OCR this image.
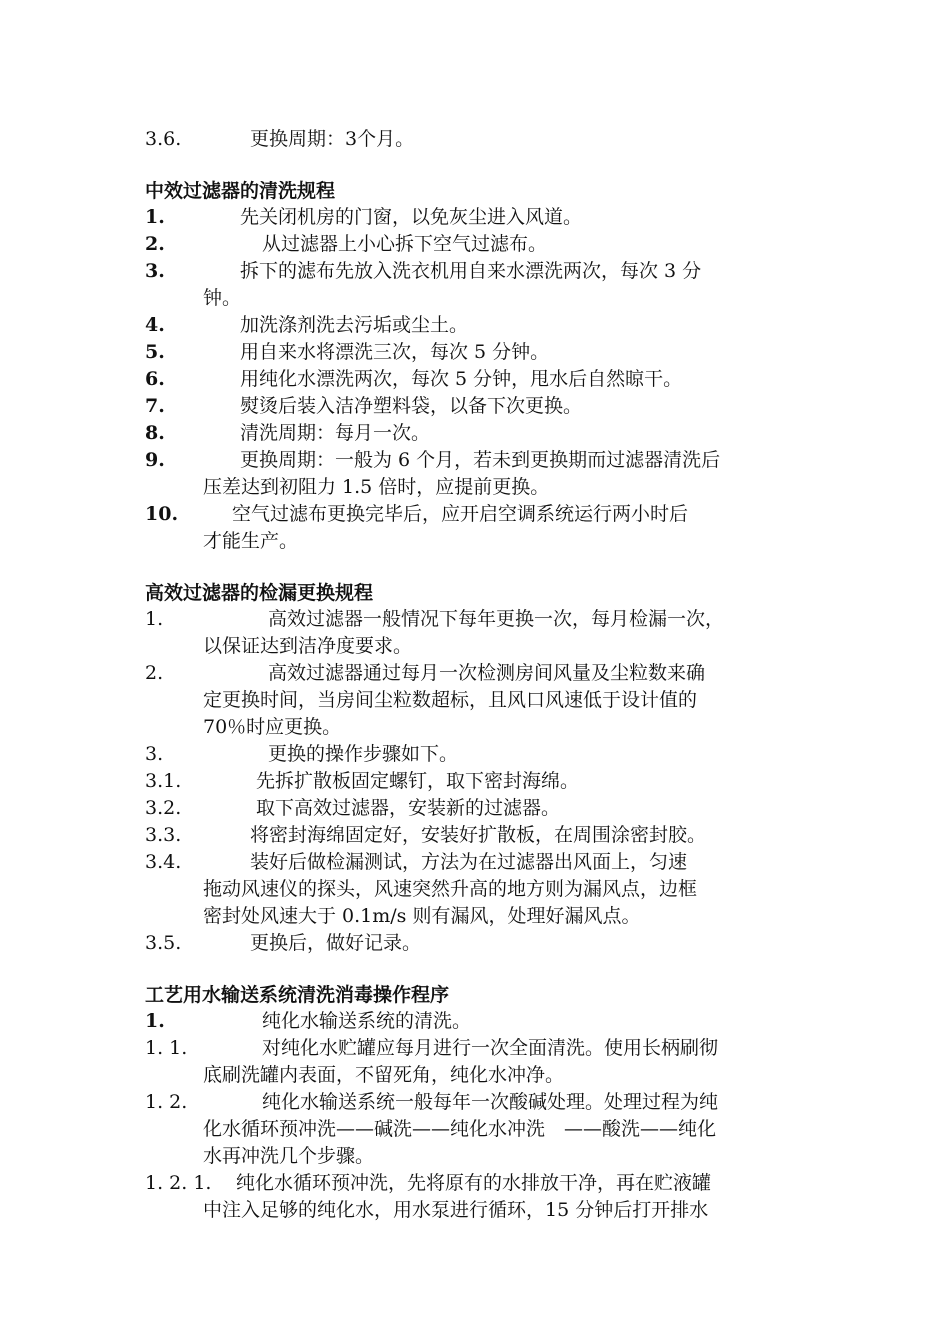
3.6.	更换周期：3个月。
中效过滤器的清洗规程
1.	先关闭机房的门窗，以免灰尘进入风道。
2.	从过滤器上小心拆下空气过滤布。
3.	拆下的滤布先放入洗衣机用自来水漂洗两次，每次 3 分
钟。
4.	加洗涤剂洗去污垢或尘土。
5.	用自来水将漂洗三次，每次 5 分钟。
6.	用纯化水漂洗两次，每次 5 分钟，甩水后自然晾干。
7.	熨烫后装入洁净塑料袋，以备下次更换。
8.	清洗周期：每月一次。
9.	更换周期：一般为 6 个月，若未到更换期而过滤器清洗后
压差达到初阻力 1.5 倍时，应提前更换。
10.	空气过滤布更换完毕后，应开启空调系统运行两小时后
才能生产。
高效过滤器的检漏更换规程
1.	高效过滤器一般情况下每年更换一次，每月检漏一次，
以保证达到洁净度要求。
2.	高效过滤器通过每月一次检测房间风量及尘粒数来确
定更换时间，当房间尘粒数超标，且风口风速低于设计值的
70％时应更换。
3.	更换的操作步骤如下。
3.1.	先拆扩散板固定螺钉，取下密封海绵。
3.2.	取下高效过滤器，安装新的过滤器。
3.3.	将密封海绵固定好，安装好扩散板，在周围涂密封胶。
3.4.	装好后做检漏测试，方法为在过滤器出风面上，匀速
拖动风速仪的探头，风速突然升高的地方则为漏风点，边框
密封处风速大于 0.1m/s 则有漏风，处理好漏风点。
3.5.	更换后，做好记录。
工艺用水输送系统清洗消毒操作程序
1.	纯化水输送系统的清洗。
1. 1.	对纯化水贮罐应每月进行一次全面清洗。使用长柄刷彻
底刷洗罐内表面，不留死角，纯化水冲净。
1. 2.	纯化水输送系统一般每年一次酸碱处理。处理过程为纯
化水循环预冲洗——碱洗——纯化水冲洗　——酸洗——纯化
水再冲洗几个步骤。
1. 2. 1. 纯化水循环预冲洗，先将原有的水排放干净，再在贮液罐
中注入足够的纯化水，用水泵进行循环，15 分钟后打开排水
